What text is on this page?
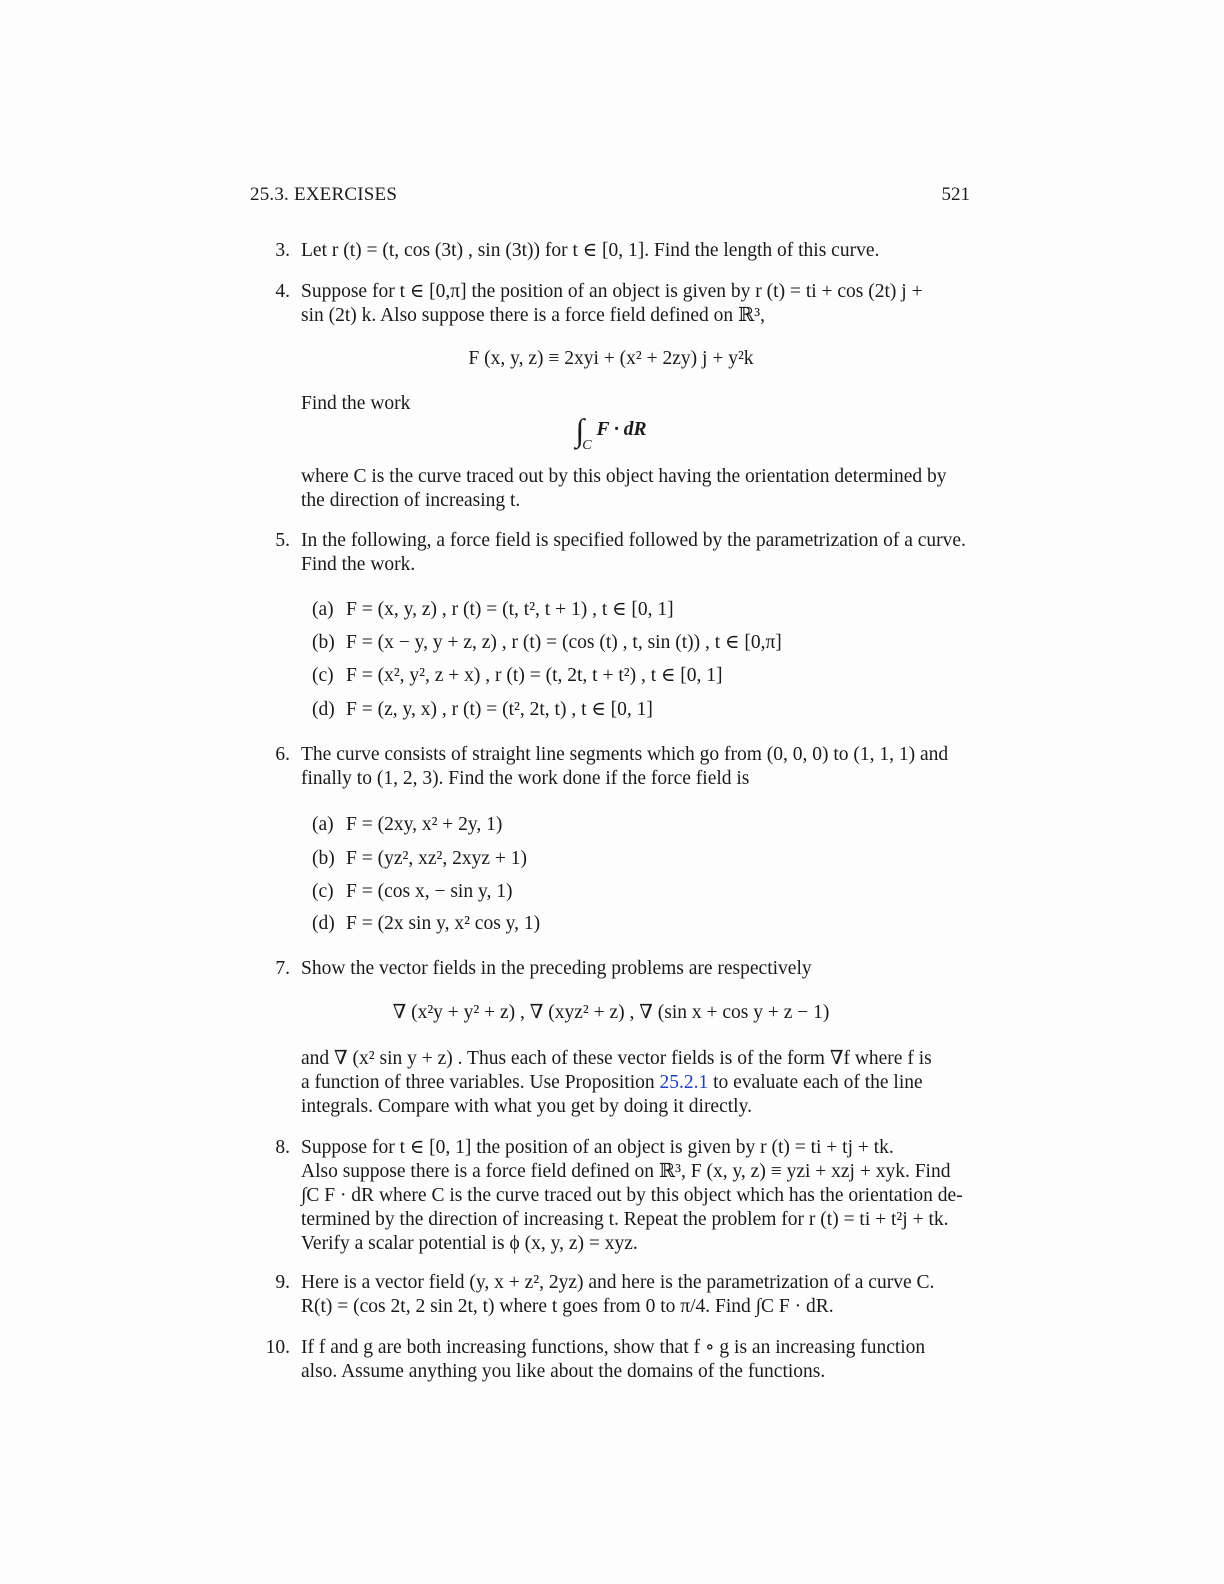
25.3. EXERCISES	521
3. Let r (t) = (t, cos (3t) , sin (3t)) for t ∈ [0, 1]. Find the length of this curve.
4. Suppose for t ∈ [0,π] the position of an object is given by r (t) = ti + cos (2t) j +
sin (2t) k. Also suppose there is a force field defined on ℝ³,
F (x, y, z) ≡ 2xyi + (x² + 2zy) j + y²k
Find the work
$\int_C$ F · dR
where C is the curve traced out by this object having the orientation determined by
the direction of increasing t.
5. In the following, a force field is specified followed by the parametrization of a curve.
Find the work.
(a) F = (x, y, z) , r (t) = (t, t², t + 1) , t ∈ [0, 1]
(b) F = (x − y, y + z, z) , r (t) = (cos (t) , t, sin (t)) , t ∈ [0,π]
(c) F = (x², y², z + x) , r (t) = (t, 2t, t + t²) , t ∈ [0, 1]
(d) F = (z, y, x) , r (t) = (t², 2t, t) , t ∈ [0, 1]
6. The curve consists of straight line segments which go from (0, 0, 0) to (1, 1, 1) and
finally to (1, 2, 3). Find the work done if the force field is
(a) F = (2xy, x² + 2y, 1)
(b) F = (yz², xz², 2xyz + 1)
(c) F = (cos x, − sin y, 1)
(d) F = (2x sin y, x² cos y, 1)
7. Show the vector fields in the preceding problems are respectively
∇ (x²y + y² + z) , ∇ (xyz² + z) , ∇ (sin x + cos y + z − 1)
and ∇ (x² sin y + z) . Thus each of these vector fields is of the form ∇f where f is
a function of three variables. Use Proposition 25.2.1 to evaluate each of the line
integrals. Compare with what you get by doing it directly.
8. Suppose for t ∈ [0, 1] the position of an object is given by r (t) = ti + tj + tk.
Also suppose there is a force field defined on ℝ³, F (x, y, z) ≡ yzi + xzj + xyk. Find
∫C F · dR where C is the curve traced out by this object which has the orientation de-
termined by the direction of increasing t. Repeat the problem for r (t) = ti + t²j + tk.
Verify a scalar potential is ϕ (x, y, z) = xyz.
9. Here is a vector field (y, x + z², 2yz) and here is the parametrization of a curve C.
R(t) = (cos 2t, 2 sin 2t, t) where t goes from 0 to π/4. Find ∫C F · dR.
10. If f and g are both increasing functions, show that f ∘ g is an increasing function
also. Assume anything you like about the domains of the functions.
